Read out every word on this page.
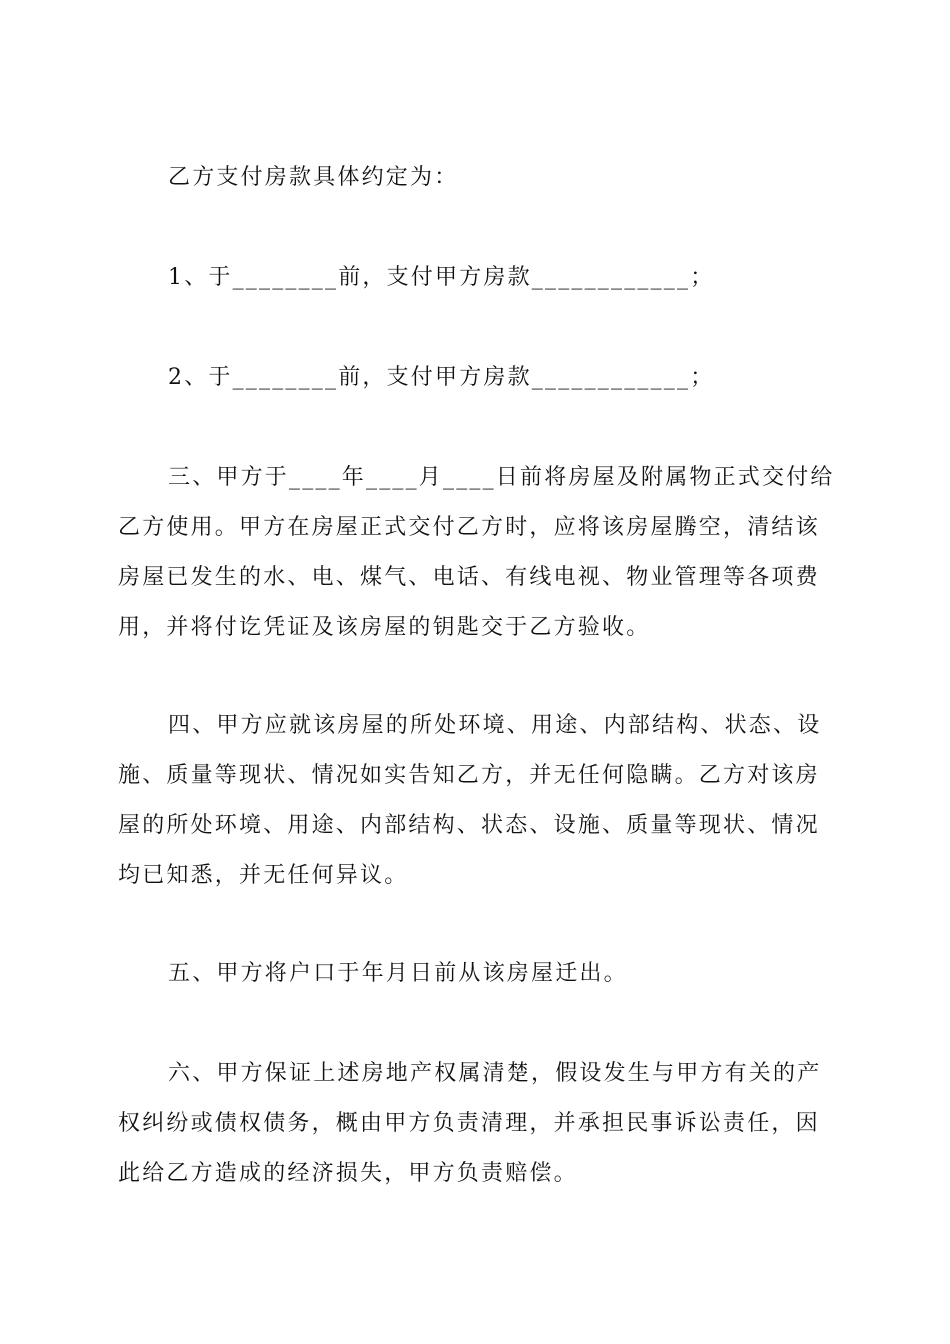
乙方支付房款具体约定为：
1、于________前，支付甲方房款____________；
2、于________前，支付甲方房款____________；
三、甲方于____年____月____日前将房屋及附属物正式交付给
乙方使用。甲方在房屋正式交付乙方时，应将该房屋腾空，清结该
房屋已发生的水、电、煤气、电话、有线电视、物业管理等各项费
用，并将付讫凭证及该房屋的钥匙交于乙方验收。
四、甲方应就该房屋的所处环境、用途、内部结构、状态、设
施、质量等现状、情况如实告知乙方，并无任何隐瞒。乙方对该房
屋的所处环境、用途、内部结构、状态、设施、质量等现状、情况
均已知悉，并无任何异议。
五、甲方将户口于年月日前从该房屋迁出。
六、甲方保证上述房地产权属清楚，假设发生与甲方有关的产
权纠纷或债权债务，概由甲方负责清理，并承担民事诉讼责任，因
此给乙方造成的经济损失，甲方负责赔偿。
